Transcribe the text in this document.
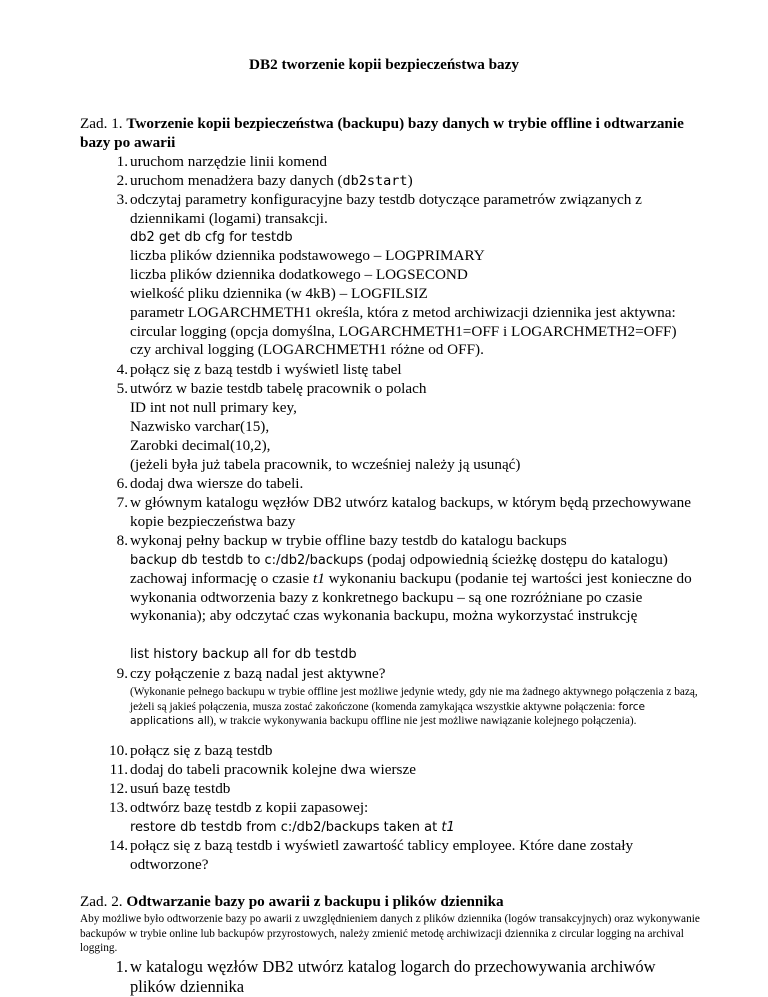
DB2 tworzenie kopii bezpieczeństwa bazy

Zad. 1. Tworzenie kopii bezpieczeństwa (backupu) bazy danych w trybie offline i odtwarzanie bazy po awarii

1. uruchom narzędzie linii komend
2. uruchom menadżera bazy danych (db2start)
3. odczytaj parametry konfiguracyjne bazy testdb dotyczące parametrów związanych z dziennikami (logami) transakcji.

db2 get db cfg for testdb

liczba plików dziennika podstawowego – LOGPRIMARY

liczba plików dziennika dodatkowego – LOGSECOND

wielkość pliku dziennika (w 4kB) – LOGFILSIZ

parametr LOGARCHMETH1 określa, która z metod archiwizacji dziennika jest aktywna: circular logging (opcja domyślna, LOGARCHMETH1=OFF i LOGARCHMETH2=OFF) czy archival logging (LOGARCHMETH1 różne od OFF).

4. połącz się z bazą testdb i wyświetl listę tabel
5. utwórz w bazie testdb tabelę pracownik o polach

ID int not null primary key,

Nazwisko varchar(15),

Zarobki decimal(10,2),

(jeżeli była już tabela pracownik, to wcześniej należy ją usunąć)

6. dodaj dwa wiersze do tabeli.
7. w głównym katalogu węzłów DB2 utwórz katalog backups, w którym będą przechowywane kopie bezpieczeństwa bazy
8. wykonaj pełny backup w trybie offline bazy testdb do katalogu backups

backup db testdb to c:/db2/backups (podaj odpowiednią ścieżkę dostępu do katalogu)

zachowaj informację o czasie t1 wykonaniu backupu (podanie tej wartości jest konieczne do wykonania odtworzenia bazy z konkretnego backupu – są one rozróżniane po czasie wykonania); aby odczytać czas wykonania backupu, można wykorzystać instrukcję

list history backup all for db testdb

9. czy połączenie z bazą nadal jest aktywne?

(Wykonanie pełnego backupu w trybie offline jest możliwe jedynie wtedy, gdy nie ma żadnego aktywnego połączenia z bazą, jeżeli są jakieś połączenia, musza zostać zakończone (komenda zamykająca wszystkie aktywne połączenia: force applications all), w trakcie wykonywania backupu offline nie jest możliwe nawiązanie kolejnego połączenia).

10. połącz się z bazą testdb
11. dodaj do tabeli pracownik kolejne dwa wiersze
12. usuń bazę testdb
13. odtwórz bazę testdb z kopii zapasowej:

restore db testdb from c:/db2/backups taken at t1

14. połącz się z bazą testdb i wyświetl zawartość tablicy employee. Które dane zostały odtworzone?

Zad. 2. Odtwarzanie bazy po awarii z backupu i plików dziennika

Aby możliwe było odtworzenie bazy po awarii z uwzględnieniem danych z plików dziennika (logów transakcyjnych) oraz wykonywanie backupów w trybie online lub backupów przyrostowych, należy zmienić metodę archiwizacji dziennika z circular logging na archival logging.

1. w katalogu węzłów DB2 utwórz katalog logarch do przechowywania archiwów plików dziennika
